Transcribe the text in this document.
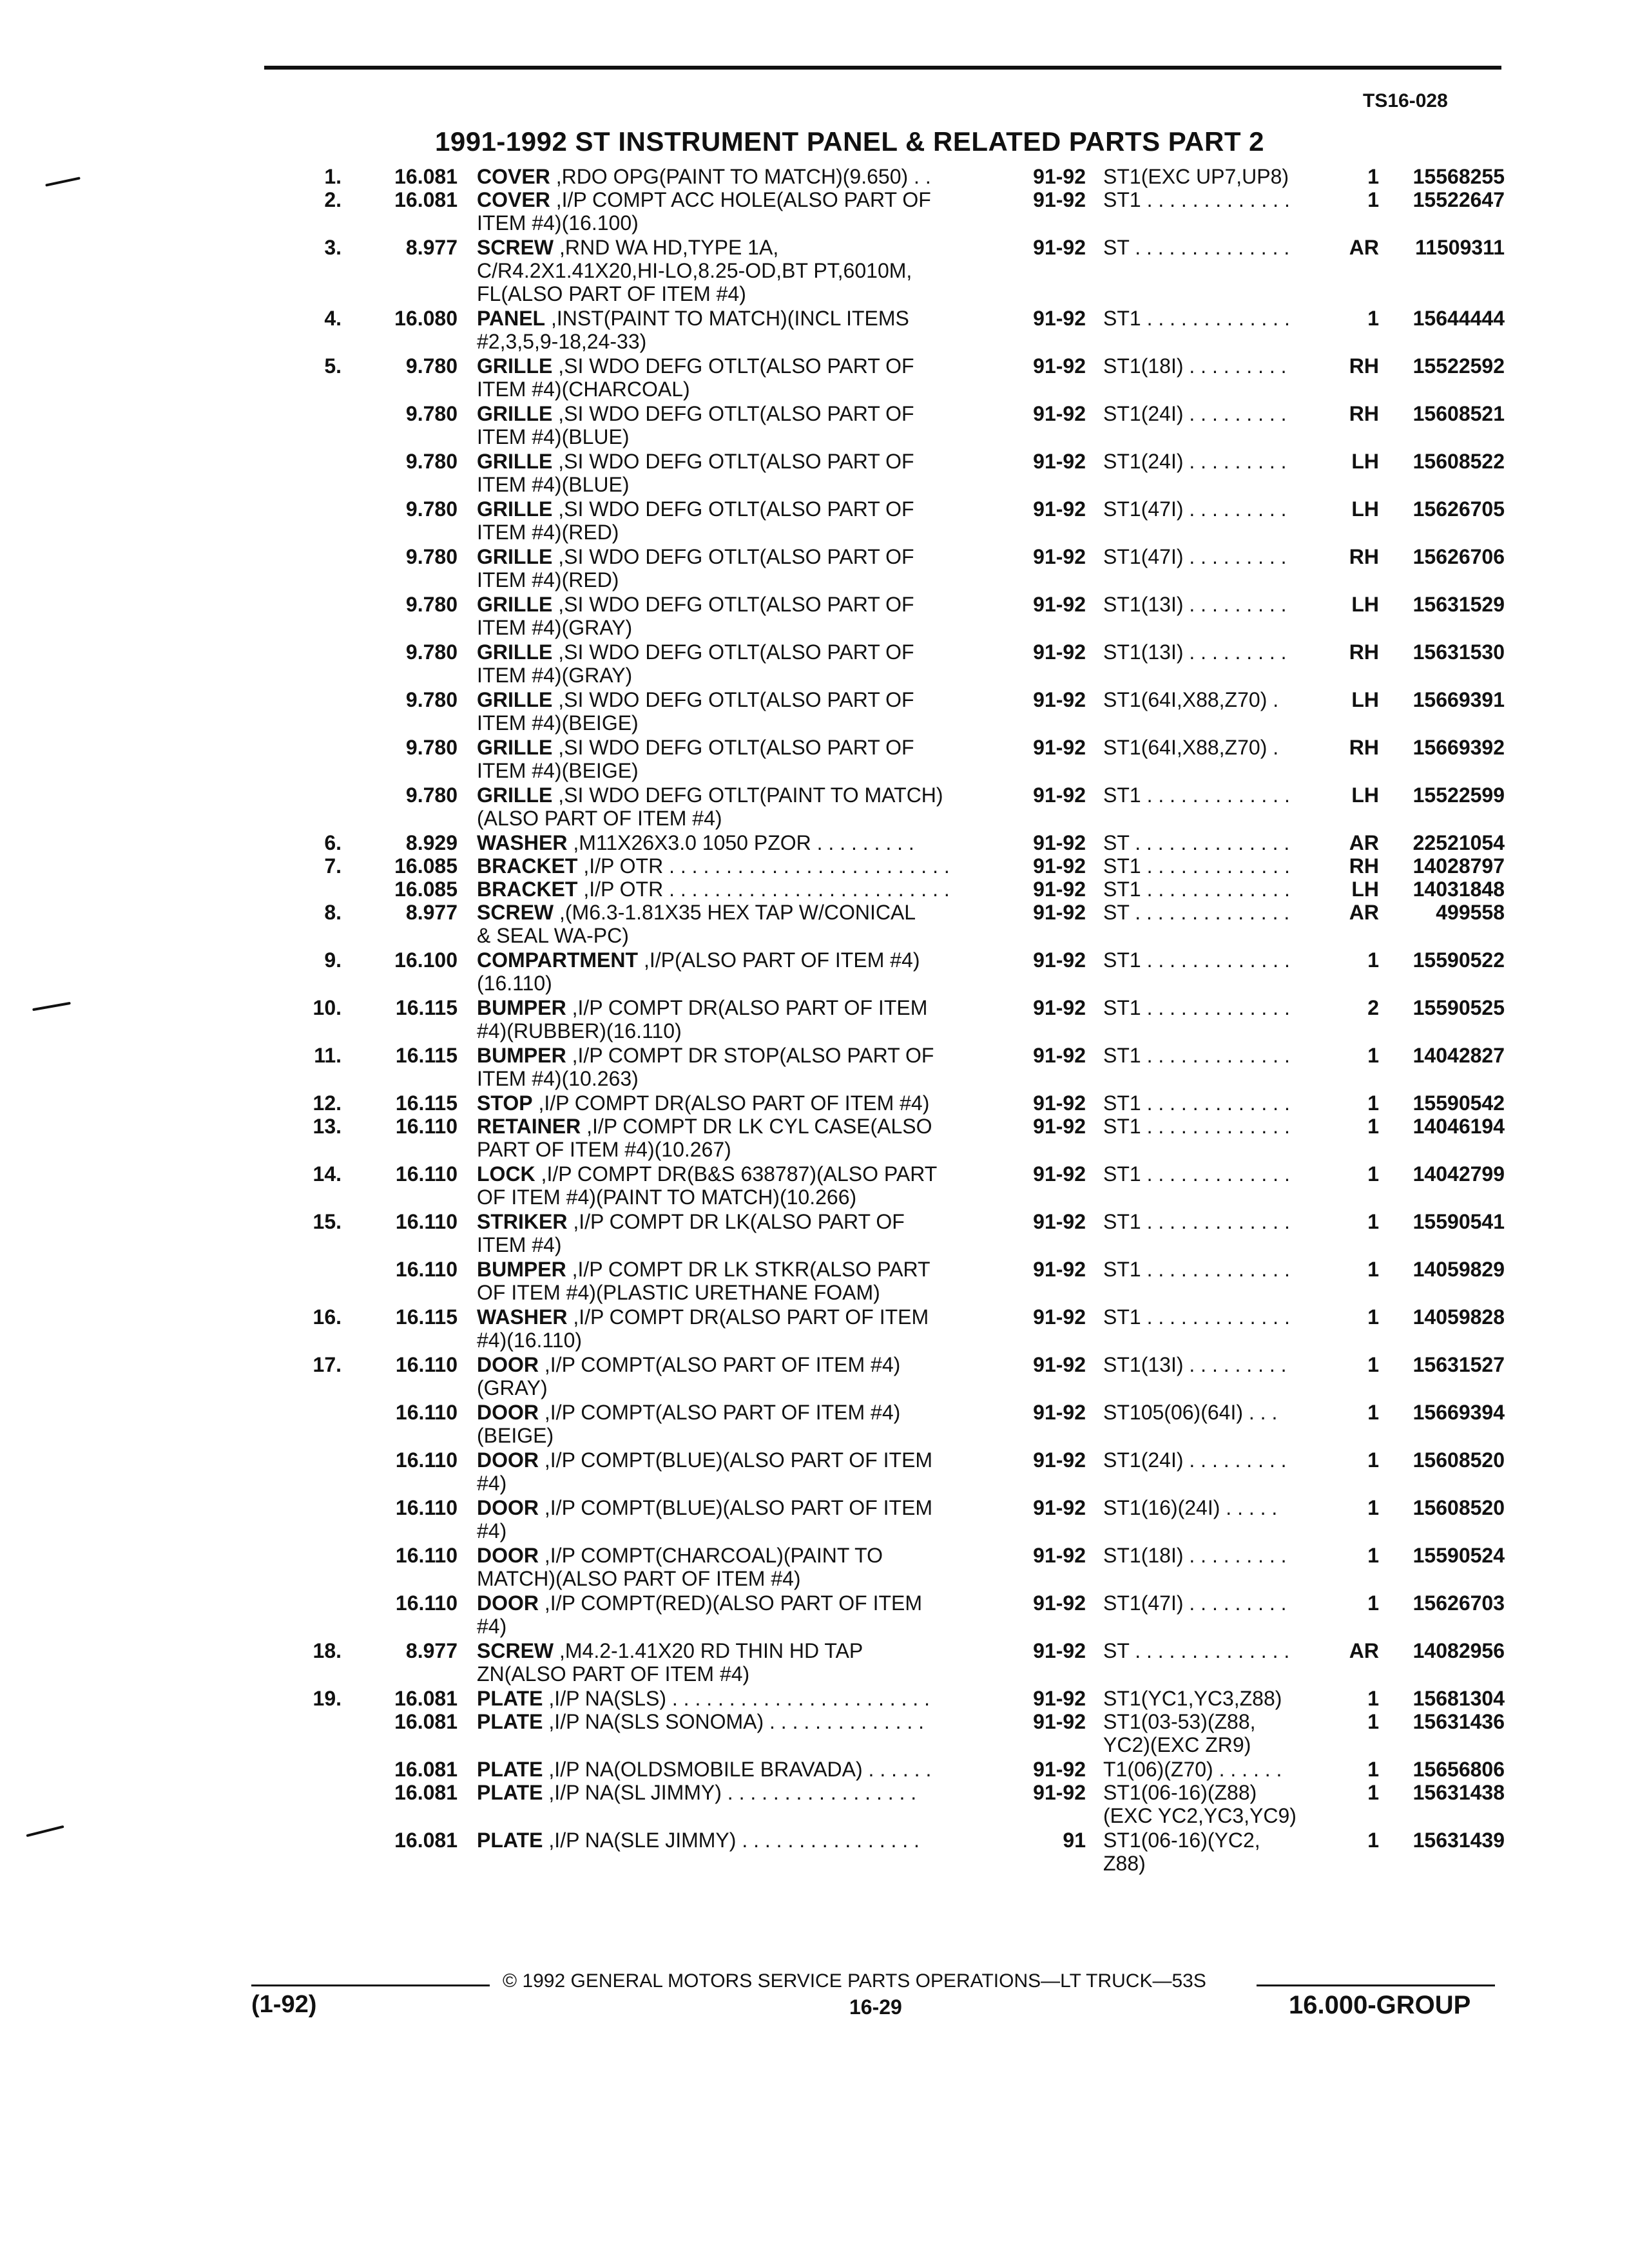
TS16-028
1991-1992 ST INSTRUMENT PANEL & RELATED PARTS PART 2
1.	16.081 COVER ,RDO OPG(PAINT TO MATCH)(9.650) . .	91-92 ST1(EXC UP7,UP8)	1	15568255
2.	16.081 COVER ,I/P COMPT ACC HOLE(ALSO PART OF
ITEM #4)(16.100)
91-92 ST1 . . . . . . . . . . . . .	1	15522647
3.	8.977 SCREW ,RND WA HD,TYPE 1A,
C/R4.2X1.41X20,HI-LO,8.25-OD,BT PT,6010M,
FL(ALSO PART OF ITEM #4)
91-92 ST . . . . . . . . . . . . . .	AR	11509311
4.	16.080 PANEL ,INST(PAINT TO MATCH)(INCL ITEMS
#2,3,5,9-18,24-33)
91-92 ST1 . . . . . . . . . . . . .	1	15644444
5.	9.780 GRILLE ,SI WDO DEFG OTLT(ALSO PART OF
ITEM #4)(CHARCOAL)
91-92 ST1(18I) . . . . . . . . .	RH	15522592
9.780 GRILLE ,SI WDO DEFG OTLT(ALSO PART OF
ITEM #4)(BLUE)
91-92 ST1(24I) . . . . . . . . .	RH	15608521
9.780 GRILLE ,SI WDO DEFG OTLT(ALSO PART OF
ITEM #4)(BLUE)
91-92 ST1(24I) . . . . . . . . .	LH	15608522
9.780 GRILLE ,SI WDO DEFG OTLT(ALSO PART OF
ITEM #4)(RED)
91-92 ST1(47I) . . . . . . . . .	LH	15626705
9.780 GRILLE ,SI WDO DEFG OTLT(ALSO PART OF
ITEM #4)(RED)
91-92 ST1(47I) . . . . . . . . .	RH	15626706
9.780 GRILLE ,SI WDO DEFG OTLT(ALSO PART OF
ITEM #4)(GRAY)
91-92 ST1(13I) . . . . . . . . .	LH	15631529
9.780 GRILLE ,SI WDO DEFG OTLT(ALSO PART OF
ITEM #4)(GRAY)
91-92 ST1(13I) . . . . . . . . .	RH	15631530
9.780 GRILLE ,SI WDO DEFG OTLT(ALSO PART OF
ITEM #4)(BEIGE)
91-92 ST1(64I,X88,Z70) .	LH	15669391
9.780 GRILLE ,SI WDO DEFG OTLT(ALSO PART OF
ITEM #4)(BEIGE)
91-92 ST1(64I,X88,Z70) .	RH	15669392
9.780 GRILLE ,SI WDO DEFG OTLT(PAINT TO MATCH)
(ALSO PART OF ITEM #4)
91-92 ST1 . . . . . . . . . . . . .	LH	15522599
6.	8.929 WASHER ,M11X26X3.0 1050 PZOR . . . . . . . . .	91-92 ST . . . . . . . . . . . . . .	AR	22521054
7.	16.085 BRACKET ,I/P OTR . . . . . . . . . . . . . . . . . . . . . . . . .	91-92 ST1 . . . . . . . . . . . . .	RH	14028797
16.085 BRACKET ,I/P OTR . . . . . . . . . . . . . . . . . . . . . . . . .	91-92 ST1 . . . . . . . . . . . . .	LH	14031848
8.	8.977 SCREW ,(M6.3-1.81X35 HEX TAP W/CONICAL
& SEAL WA-PC)
91-92 ST . . . . . . . . . . . . . .	AR	499558
9.	16.100 COMPARTMENT ,I/P(ALSO PART OF ITEM #4)
(16.110)
91-92 ST1 . . . . . . . . . . . . .	1	15590522
10.	16.115 BUMPER ,I/P COMPT DR(ALSO PART OF ITEM
#4)(RUBBER)(16.110)
91-92 ST1 . . . . . . . . . . . . .	2	15590525
11.	16.115 BUMPER ,I/P COMPT DR STOP(ALSO PART OF
ITEM #4)(10.263)
91-92 ST1 . . . . . . . . . . . . .	1	14042827
12.	16.115 STOP ,I/P COMPT DR(ALSO PART OF ITEM #4)	91-92 ST1 . . . . . . . . . . . . .	1	15590542
13.	16.110 RETAINER ,I/P COMPT DR LK CYL CASE(ALSO
PART OF ITEM #4)(10.267)
91-92 ST1 . . . . . . . . . . . . .	1	14046194
14.	16.110 LOCK ,I/P COMPT DR(B&S 638787)(ALSO PART
OF ITEM #4)(PAINT TO MATCH)(10.266)
91-92 ST1 . . . . . . . . . . . . .	1	14042799
15.	16.110 STRIKER ,I/P COMPT DR LK(ALSO PART OF
ITEM #4)
91-92 ST1 . . . . . . . . . . . . .	1	15590541
16.110 BUMPER ,I/P COMPT DR LK STKR(ALSO PART
OF ITEM #4)(PLASTIC URETHANE FOAM)
91-92 ST1 . . . . . . . . . . . . .	1	14059829
16.	16.115 WASHER ,I/P COMPT DR(ALSO PART OF ITEM
#4)(16.110)
91-92 ST1 . . . . . . . . . . . . .	1	14059828
17.	16.110 DOOR ,I/P COMPT(ALSO PART OF ITEM #4)
(GRAY)
91-92 ST1(13I) . . . . . . . . .	1	15631527
16.110 DOOR ,I/P COMPT(ALSO PART OF ITEM #4)
(BEIGE)
91-92 ST105(06)(64I) . . .	1	15669394
16.110 DOOR ,I/P COMPT(BLUE)(ALSO PART OF ITEM
#4)
91-92 ST1(24I) . . . . . . . . .	1	15608520
16.110 DOOR ,I/P COMPT(BLUE)(ALSO PART OF ITEM
#4)
91-92 ST1(16)(24I) . . . . .	1	15608520
16.110 DOOR ,I/P COMPT(CHARCOAL)(PAINT TO
MATCH)(ALSO PART OF ITEM #4)
91-92 ST1(18I) . . . . . . . . .	1	15590524
16.110 DOOR ,I/P COMPT(RED)(ALSO PART OF ITEM
#4)
91-92 ST1(47I) . . . . . . . . .	1	15626703
18.	8.977 SCREW ,M4.2-1.41X20 RD THIN HD TAP
ZN(ALSO PART OF ITEM #4)
91-92 ST . . . . . . . . . . . . . .	AR	14082956
19.	16.081 PLATE ,I/P NA(SLS) . . . . . . . . . . . . . . . . . . . . . . .	91-92 ST1(YC1,YC3,Z88)	1	15681304
16.081 PLATE ,I/P NA(SLS SONOMA) . . . . . . . . . . . . . .	91-92 ST1(03-53)(Z88,
YC2)(EXC ZR9)
1	15631436
16.081 PLATE ,I/P NA(OLDSMOBILE BRAVADA) . . . . . .	91-92 T1(06)(Z70) . . . . . .	1	15656806
16.081 PLATE ,I/P NA(SL JIMMY) . . . . . . . . . . . . . . . . .	91-92 ST1(06-16)(Z88)
(EXC YC2,YC3,YC9)
1	15631438
16.081 PLATE ,I/P NA(SLE JIMMY) . . . . . . . . . . . . . . . .	91 ST1(06-16)(YC2,
Z88)
1	15631439
© 1992 GENERAL MOTORS SERVICE PARTS OPERATIONS—LT TRUCK—53S
(1-92)	16-29	16.000-GROUP
